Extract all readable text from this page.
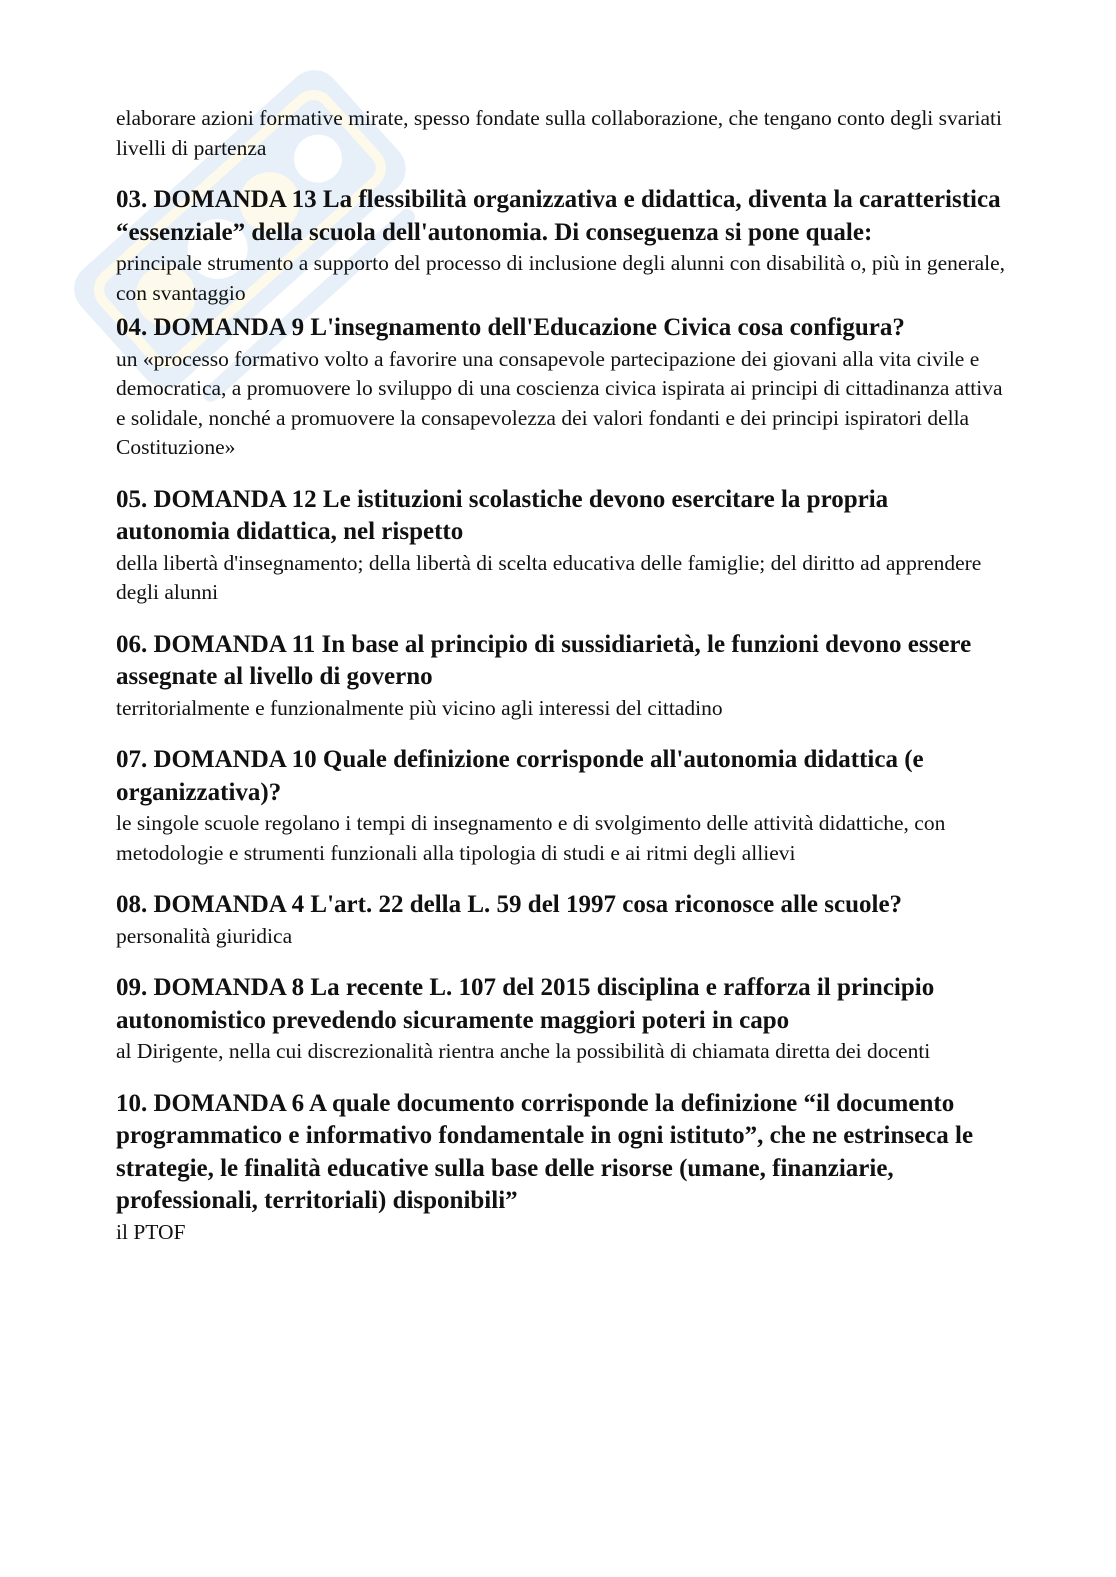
elaborare azioni formative mirate, spesso fondate sulla collaborazione, che tengano conto degli svariati livelli di partenza

03. DOMANDA 13 La flessibilità organizzativa e didattica, diventa la caratteristica “essenziale” della scuola dell'autonomia. Di conseguenza si pone quale:

principale strumento a supporto del processo di inclusione degli alunni con disabilità o, più in generale, con svantaggio

04. DOMANDA 9 L'insegnamento dell'Educazione Civica cosa configura?

un «processo formativo volto a favorire una consapevole partecipazione dei giovani alla vita civile e democratica, a promuovere lo sviluppo di una coscienza civica ispirata ai principi di cittadinanza attiva e solidale, nonché a promuovere la consapevolezza dei valori fondanti e dei principi ispiratori della Costituzione»

05. DOMANDA 12 Le istituzioni scolastiche devono esercitare la propria autonomia didattica, nel rispetto

della libertà d'insegnamento; della libertà di scelta educativa delle famiglie; del diritto ad apprendere degli alunni

06. DOMANDA 11 In base al principio di sussidiarietà, le funzioni devono essere assegnate al livello di governo

territorialmente e funzionalmente più vicino agli interessi del cittadino

07. DOMANDA 10 Quale definizione corrisponde all'autonomia didattica (e organizzativa)?

le singole scuole regolano i tempi di insegnamento e di svolgimento delle attività didattiche, con metodologie e strumenti funzionali alla tipologia di studi e ai ritmi degli allievi

08. DOMANDA 4 L'art. 22 della L. 59 del 1997 cosa riconosce alle scuole?

personalità giuridica

09. DOMANDA 8 La recente L. 107 del 2015 disciplina e rafforza il principio autonomistico prevedendo sicuramente maggiori poteri in capo

al Dirigente, nella cui discrezionalità rientra anche la possibilità di chiamata diretta dei docenti

10. DOMANDA 6 A quale documento corrisponde la definizione “il documento programmatico e informativo fondamentale in ogni istituto”, che ne estrinseca le strategie, le finalità educative sulla base delle risorse (umane, finanziarie, professionali, territoriali) disponibili”

il PTOF
